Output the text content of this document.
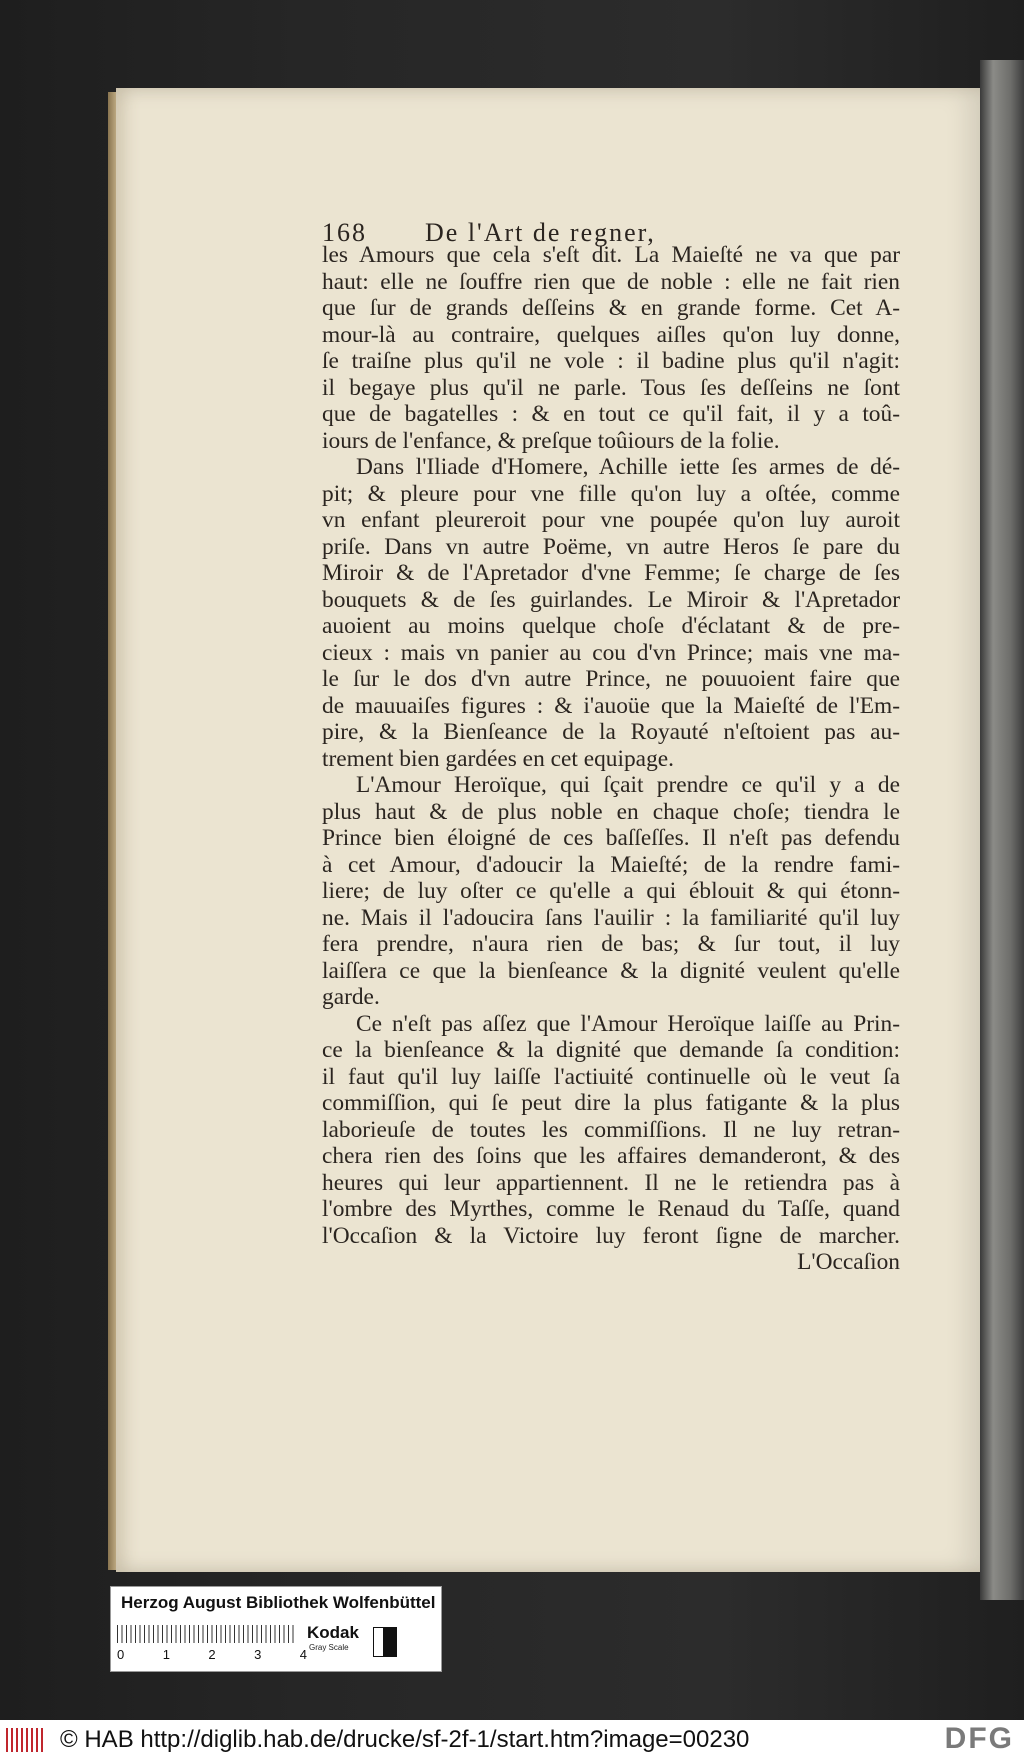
168 De l'Art de regner,
les Amours que cela s'eſt dit. La Maieſté ne va que par
haut: elle ne ſouffre rien que de noble : elle ne fait rien
que ſur de grands deſſeins & en grande forme. Cet A-
mour-là au contraire, quelques aiſles qu'on luy donne,
ſe traiſne plus qu'il ne vole : il badine plus qu'il n'agit:
il begaye plus qu'il ne parle. Tous ſes deſſeins ne ſont
que de bagatelles : & en tout ce qu'il fait, il y a toû-
iours de l'enfance, & preſque toûiours de la folie.
Dans l'Iliade d'Homere, Achille iette ſes armes de dé-
pit; & pleure pour vne fille qu'on luy a oſtée, comme
vn enfant pleureroit pour vne poupée qu'on luy auroit
priſe. Dans vn autre Poëme, vn autre Heros ſe pare du
Miroir & de l'Apretador d'vne Femme; ſe charge de ſes
bouquets & de ſes guirlandes. Le Miroir & l'Apretador
auoient au moins quelque choſe d'éclatant & de pre-
cieux : mais vn panier au cou d'vn Prince; mais vne ma-
le ſur le dos d'vn autre Prince, ne pouuoient faire que
de mauuaiſes figures : & i'auoüe que la Maieſté de l'Em-
pire, & la Bienſeance de la Royauté n'eſtoient pas au-
trement bien gardées en cet equipage.
L'Amour Heroïque, qui ſçait prendre ce qu'il y a de
plus haut & de plus noble en chaque choſe; tiendra le
Prince bien éloigné de ces baſſeſſes. Il n'eſt pas defendu
à cet Amour, d'adoucir la Maieſté; de la rendre fami-
liere; de luy oſter ce qu'elle a qui éblouit & qui étonn-
ne. Mais il l'adoucira ſans l'auilir : la familiarité qu'il luy
fera prendre, n'aura rien de bas; & ſur tout, il luy
laiſſera ce que la bienſeance & la dignité veulent qu'elle
garde.
Ce n'eſt pas aſſez que l'Amour Heroïque laiſſe au Prin-
ce la bienſeance & la dignité que demande ſa condition:
il faut qu'il luy laiſſe l'actiuité continuelle où le veut ſa
commiſſion, qui ſe peut dire la plus fatigante & la plus
laborieuſe de toutes les commiſſions. Il ne luy retran-
chera rien des ſoins que les affaires demanderont, & des
heures qui leur appartiennent. Il ne le retiendra pas à
l'ombre des Myrthes, comme le Renaud du Taſſe, quand
l'Occaſion & la Victoire luy feront ſigne de marcher.
L'Occaſion
Herzog August Bibliothek Wolfenbüttel
0	1	2	3	4
Kodak
Gray Scale
© HAB http://diglib.hab.de/drucke/sf-2f-1/start.htm?image=00230	DFG
